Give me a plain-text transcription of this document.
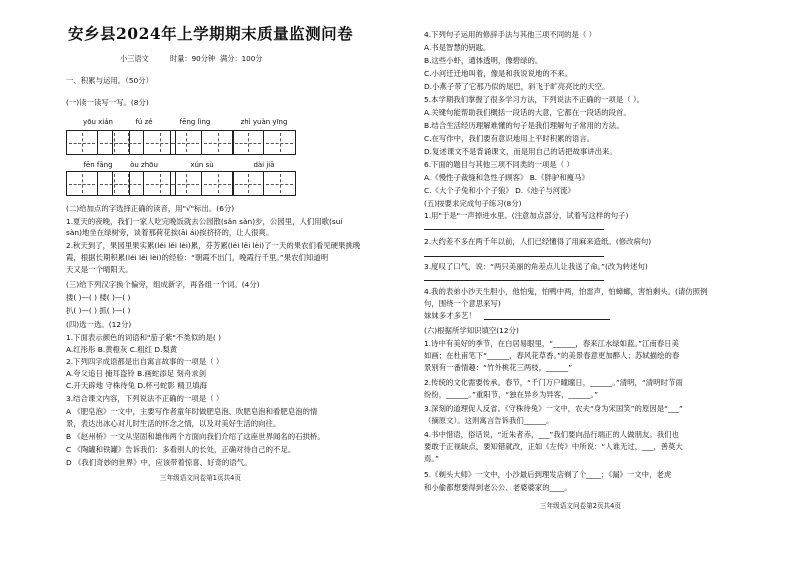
安乡县2024年上学期期末质量监测问卷
小三语文	时量：90分钟 满分：100分
一、积累与运用。（50分）
(一)读一读写一写。(8分)
yōu xián	fú zé	fēng lìng	zhì yuàn yīng
fēn fāng	òu zhōu	xún sù	dài jiā
(二)给加点的字选择正确的读音，用"√"标出。(6分)
1.夏天的夜晚，我们一家人吃完晚饭就去公园散(sǎn sàn)步，公园里，人们用歌(suí
sàn)地坐在绿树旁，谈着那荷花挨(āi ái)挨挤挤的，让人很爽。
2.秋天到了，果园里果实累(léi lěi lèi)累，芬芳累(léi lěi lèi)了一天的果农们看见硬果挑晚
霞，根据长期积累(léi lěi lèi)的经验：“朝霞不出门，晚霞行千里。”果农们知道明
天又是一个晴阳天。
(三)给下列汉字换个偏旁，组成新字，再各组一个词。(4分)
搂( )—( ) 楼( )—( )
扒( )—( ) 抓( )—( )
(四)选一选。(12分)
1.下面表示颜色的词语和"茄子紫"不类似的是( )
A.红彤彤 B.黄橙灰 C.粗红 D.梨黄
2.下列四字成语都是出自寓言故事的一项是（ ）
A.夸父追日 掩耳盗铃 B.画蛇添足 刻舟求剑
C.开天辟地 守株待兔 D.杯弓蛇影 精卫填海
3.结合课文内容，下列说法不正确的一项是（ ）
A 《肥皂泡》一文中，主要写作者童年时做肥皂泡、吹肥皂泡和看肥皂泡的情
景，表达出冰心对儿时生活的怀念之情，以及对美好生活的向往。
B 《赵州桥》一文从坚固和雄伟两个方面向我们介绍了这座世界闻名的石拱桥。
C 《陶罐和铁罐》告诉我们：多看别人的长处，正确对待自己的不足。
D 《我们奇妙的世界》中，应该带着惊喜、好奇的语气。
三年级语文问卷第1页共4页
4.下列句子运用的修辞手法与其他三项不同的是（ ）
A.书是智慧的钥匙。
B.这些小虾，通体透明，像碧绿的。
C.小河迁迁地叫着，像是和我说说地的不来。
D.小燕子带了它那乃似的尾巴，斜飞于旷亮亮比的天空。
5.本学期我们掌握了很多学习方法，下列说法不正确的一项是（ ）。
A.关键句能帮助我们概括一段话的大意，它都在一段话的段首。
B.结合生活经历理解难懂的句子是我们理解句子常用的方法。
C.在写作中，我们要有意识地用上平时积累的语言。
D.复述课文不是背诵课文，而是用自己的话把故事讲出来。
6.下面的题目与其他三项不同类的一项是（ ）
A.《慢性子裁缝和急性子顾客》 B.《胖驴和瘦马》
C.《大个子兔和小个子狼》 D.《池子与河流》
(五)按要求完成句子练习(8分)
1.用"于是"一声掉进水里。(注意加点部分，试着写这样的句子)
2.大约差不多在两千年以前，人们已经懂得了用麻来造纸。(修改病句)
3.度叹了口气，说：“两只美丽的角差点儿让我送了命。”(改为转述句)
4.我的表弟小沙天生胆小，他怕鬼，怕鸭中两，怕雷声，怕蟑螂，害怕剩头。(请仿照例
句，围绕一个意思来写)
妹妹多才多艺！
(六)根据所学知识填空(12分)
1.诗中有美好的季节，在白居易眼里，“______，春来江水绿如蓝。”江南春日美
如画；在杜甫笔下“______，春风花草香。”的美景春意更加醉人；苏轼描绘的春
景别有一番情趣：“竹外桃花三两枝，______”
2.传统的文化需要传承。春节，“千门万户曈曈日，______。”清明，“清明时节雨
纷纷，______。”重阳节，“独在异乡为异客，______。”
3.深刻的道理促人反省。《守株待兔》一文中，农夫“身为宋国笑”的原因是“___”
（摘原文）。这则寓言告诉我们______。
4.书中惜语，俗话说，“近朱者赤，___”我们要向品行端正的人做朋友。我们也
要敢于正视缺点，要知错就改，正如《左传》中所说：“人谁无过，___，善莫大
焉。”
5.《剃头大师》一文中，小沙最后到理发店剃了个____；《漏》一文中，老虎
和小偷都想要得到老公公、老婆婆家的____。
三年级语文问卷第2页共4页
